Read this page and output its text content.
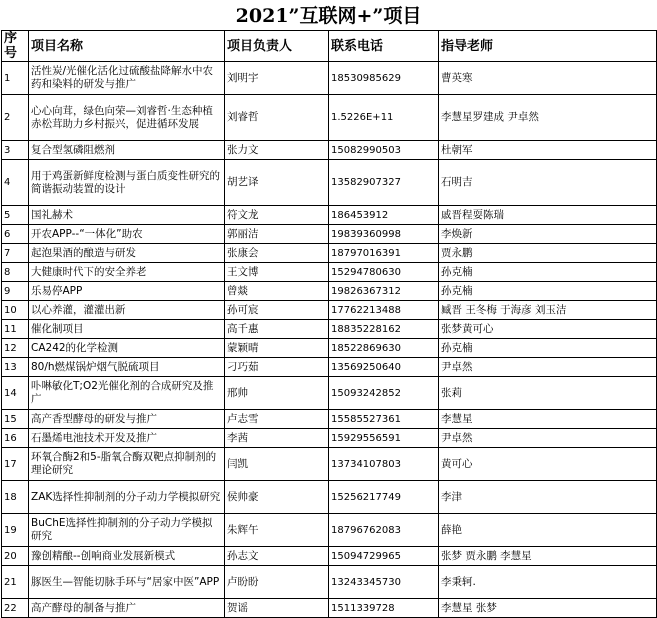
2021”互联网+”项目
序号	项目名称	项目负责人	联系电话	指导老师
1	活性炭/光催化活化过硫酸盐降解水中农药和染料的研发与推广	刘明宇	18530985629	曹英寒
2	心心向茸，绿色向荣—刘睿哲·生态种植赤松茸助力乡村振兴，促进循环发展	刘睿哲	1.5226E+11	李慧星罗建成 尹卓然
3	复合型氢磷阻燃剂	张力文	15082990503	杜朝军
4	用于鸡蛋新鲜度检测与蛋白质变性研究的简谐振动装置的设计	胡艺译	13582907327	石明吉
5	国礼赫术	符文龙	186453912	戚晋程耍陈瑞
6	开农APP--“一体化”助农	郭丽洁	19839360998	李焕新
7	起泡果酒的酿造与研发	张康会	18797016391	贾永鹏
8	大健康时代下的安全养老	王文博	15294780630	孙克楠
9	乐易停APP	曾燚	19826367312	孙克楠
10	以心养灌，灌灌出新	孙可宸	17762213488	臧晋 王冬梅 于海彦 刘玉洁
11	催化制项目	高千惠	18835228162	张梦黄可心
12	CA242的化学检测	蒙颖晴	18522869630	孙克楠
13	80/h燃煤锅炉烟气脱硫项目	刁巧茹	13569250640	尹卓然
14	卟啉敏化T;O2光催化剂的合成研究及推广	邢帅	15093242852	张莉
15	高产香型酵母的研发与推广	卢志雪	15585527361	李慧星
16	石墨烯电池技术开发及推广	李茜	15929556591	尹卓然
17	环氧合酶2和5-脂氧合酶双靶点抑制剂的理论研究	闫凯	13734107803	黄可心
18	ZAK选择性抑制剂的分子动力学模拟研究	侯帅豪	15256217749	李津
19	BuChE选择性抑制剂的分子动力学模拟研究	朱辉午	18796762083	薛艳
20	豫创精酿--创响商业发展新模式	孙志文	15094729965	张梦 贾永鹏 李慧星
21	豚医生—智能切脉手环与“居家中医”APP	卢盼盼	13243345730	李秉轲.
22	高产酵母的制备与推广	贺谣	1511339728	李慧星 张梦
